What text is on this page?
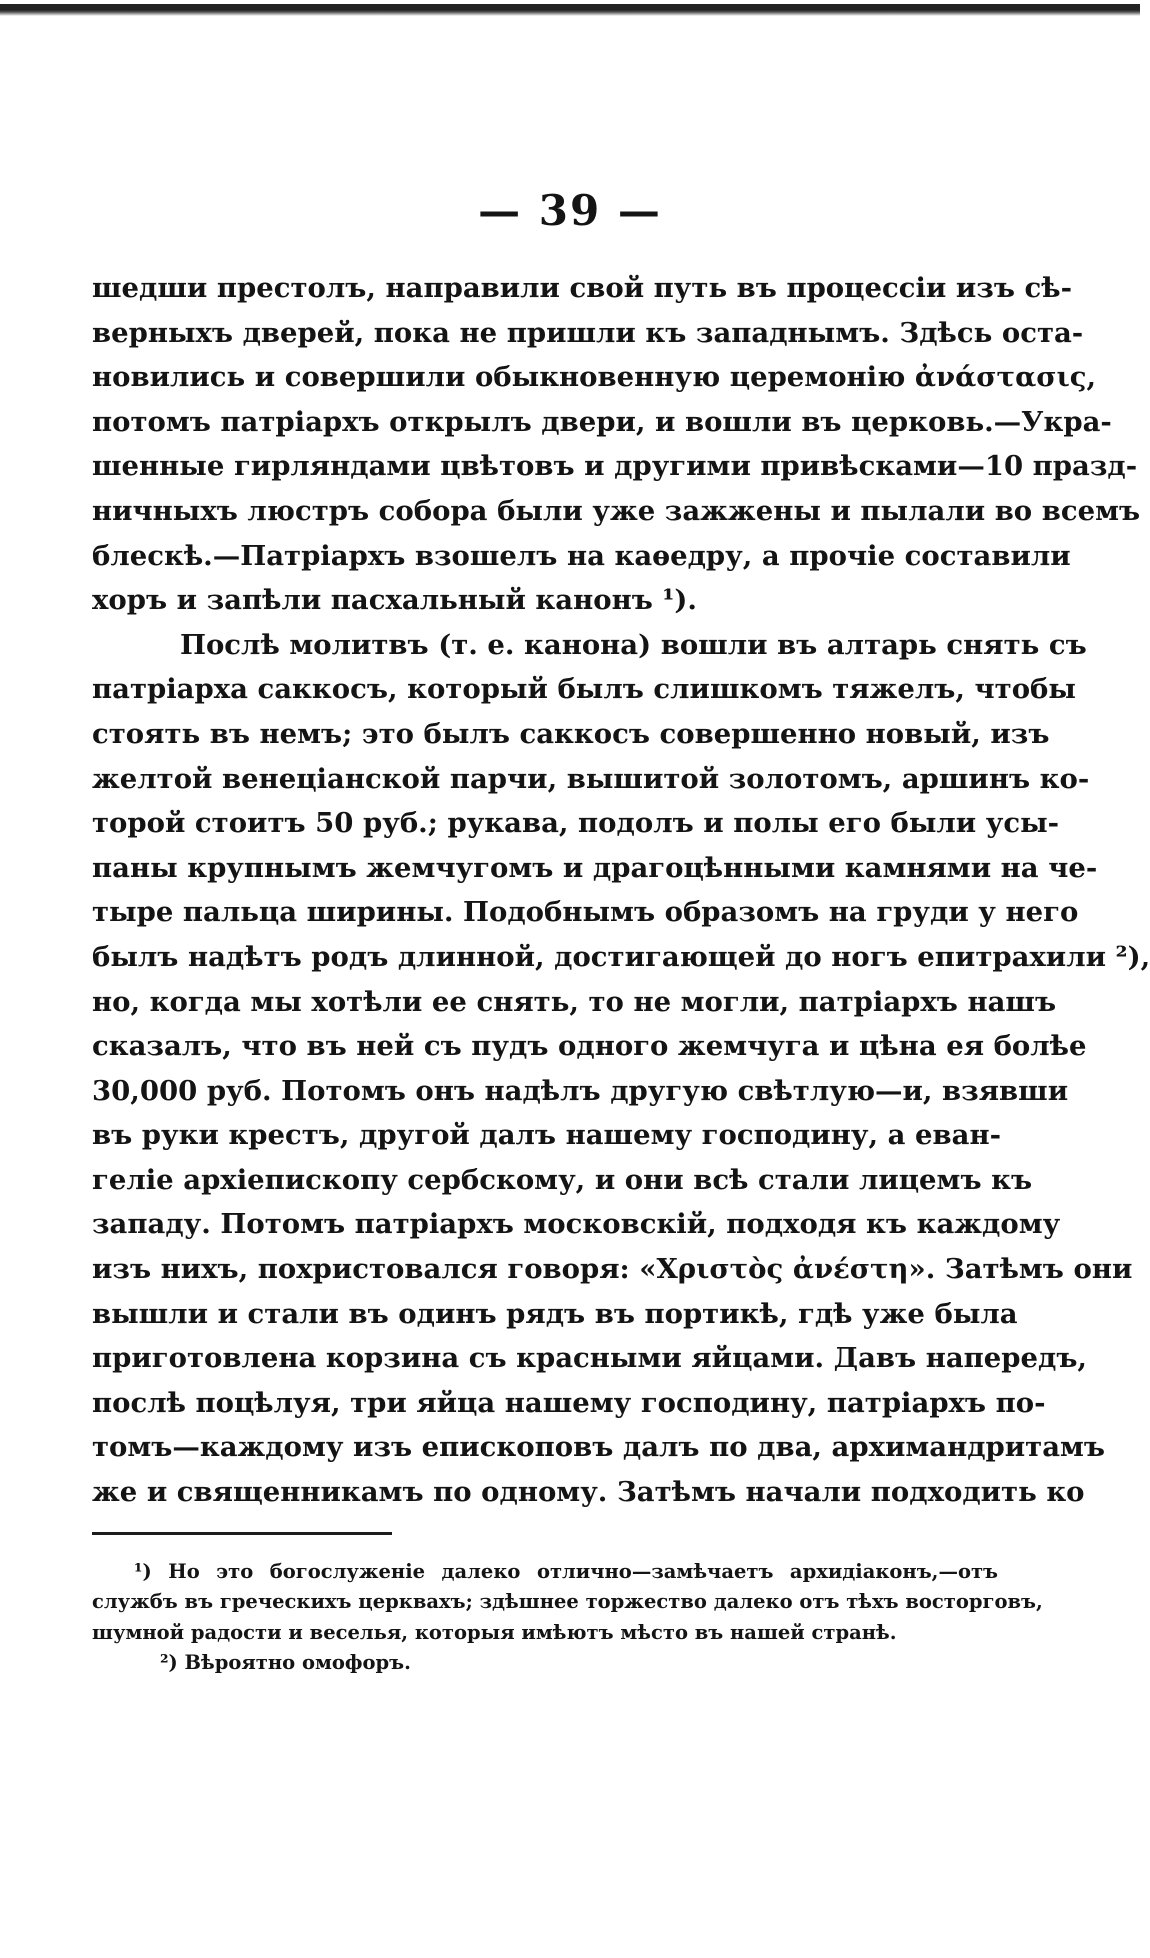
— 39 —
шедши престолъ, направили свой путь въ процессіи изъ сѣ-
верныхъ дверей, пока не пришли къ западнымъ. Здѣсь оста-
новились и совершили обыкновенную церемонію ἀνάστασις,
потомъ патріархъ открылъ двери, и вошли въ церковь.—Укра-
шенные гирляндами цвѣтовъ и другими привѣсками—10 празд-
ничныхъ люстръ собора были уже зажжены и пылали во всемъ
блескѣ.—Патріархъ взошелъ на каѳедру, а прочіе составили
хоръ и запѣли пасхальный канонъ ¹).
Послѣ молитвъ (т. е. канона) вошли въ алтарь снять съ
патріарха саккосъ, который былъ слишкомъ тяжелъ, чтобы
стоять въ немъ; это былъ саккосъ совершенно новый, изъ
желтой венеціанской парчи, вышитой золотомъ, аршинъ ко-
торой стоитъ 50 руб.; рукава, подолъ и полы его были усы-
паны крупнымъ жемчугомъ и драгоцѣнными камнями на че-
тыре пальца ширины. Подобнымъ образомъ на груди у него
былъ надѣтъ родъ длинной, достигающей до ногъ епитрахили ²),
но, когда мы хотѣли ее снять, то не могли, патріархъ нашъ
сказалъ, что въ ней съ пудъ одного жемчуга и цѣна ея болѣе
30,000 руб. Потомъ онъ надѣлъ другую свѣтлую—и, взявши
въ руки крестъ, другой далъ нашему господину, а еван-
геліе архіепископу сербскому, и они всѣ стали лицемъ къ
западу. Потомъ патріархъ московскій, подходя къ каждому
изъ нихъ, похристовался говоря: «Χριστὸς ἀνέστη». Затѣмъ они
вышли и стали въ одинъ рядъ въ портикѣ, гдѣ уже была
приготовлена корзина съ красными яйцами. Давъ напередъ,
послѣ поцѣлуя, три яйца нашему господину, патріархъ по-
томъ—каждому изъ епископовъ далъ по два, архимандритамъ
же и священникамъ по одному. Затѣмъ начали подходить ко
¹) Но это богослуженіе далеко отлично—замѣчаетъ архидіаконъ,—отъ
службъ въ греческихъ церквахъ; здѣшнее торжество далеко отъ тѣхъ восторговъ,
шумной радости и веселья, которыя имѣютъ мѣсто въ нашей странѣ.
²) Вѣроятно омофоръ.
